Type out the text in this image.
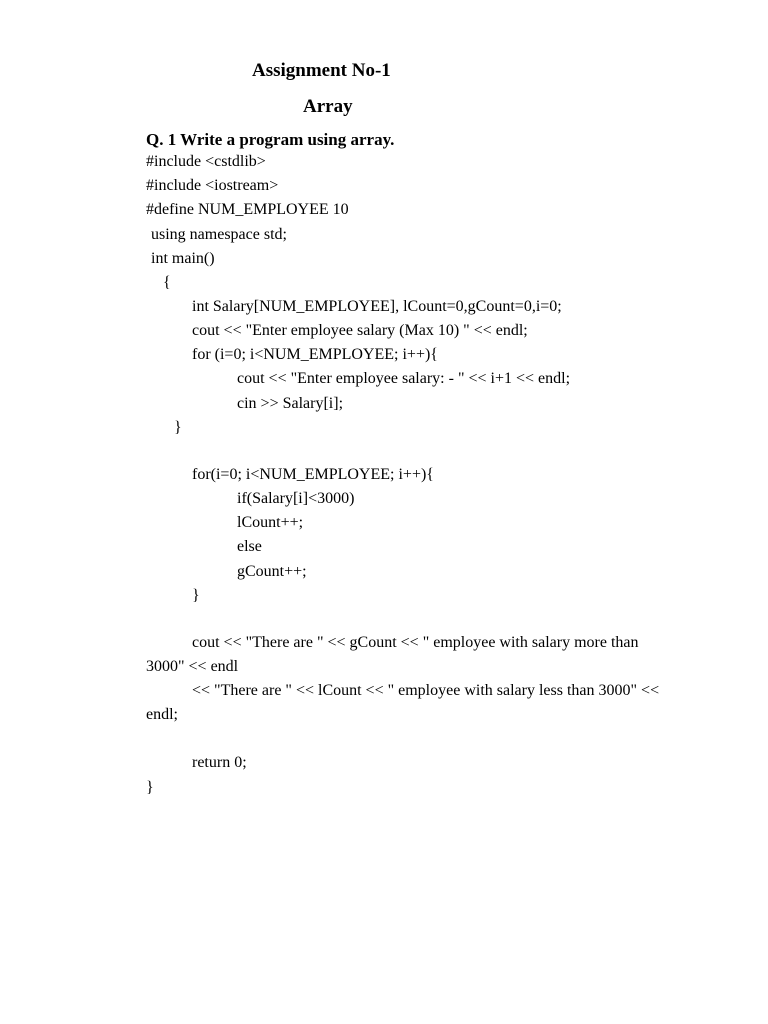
Assignment No-1
Array
Q. 1 Write a program using array.
#include <cstdlib>
#include <iostream>
#define NUM_EMPLOYEE 10
using namespace std;
int main()
{
int Salary[NUM_EMPLOYEE], lCount=0,gCount=0,i=0;
cout << "Enter employee salary (Max 10) " << endl;
for (i=0; i<NUM_EMPLOYEE; i++){
cout << "Enter employee salary: - " << i+1 << endl;
cin >> Salary[i];
}
for(i=0; i<NUM_EMPLOYEE; i++){
if(Salary[i]<3000)
lCount++;
else
gCount++;
}
cout << "There are " << gCount << " employee with salary more than
3000" << endl
<< "There are " << lCount << " employee with salary less than 3000" <<
endl;
return 0;
}
